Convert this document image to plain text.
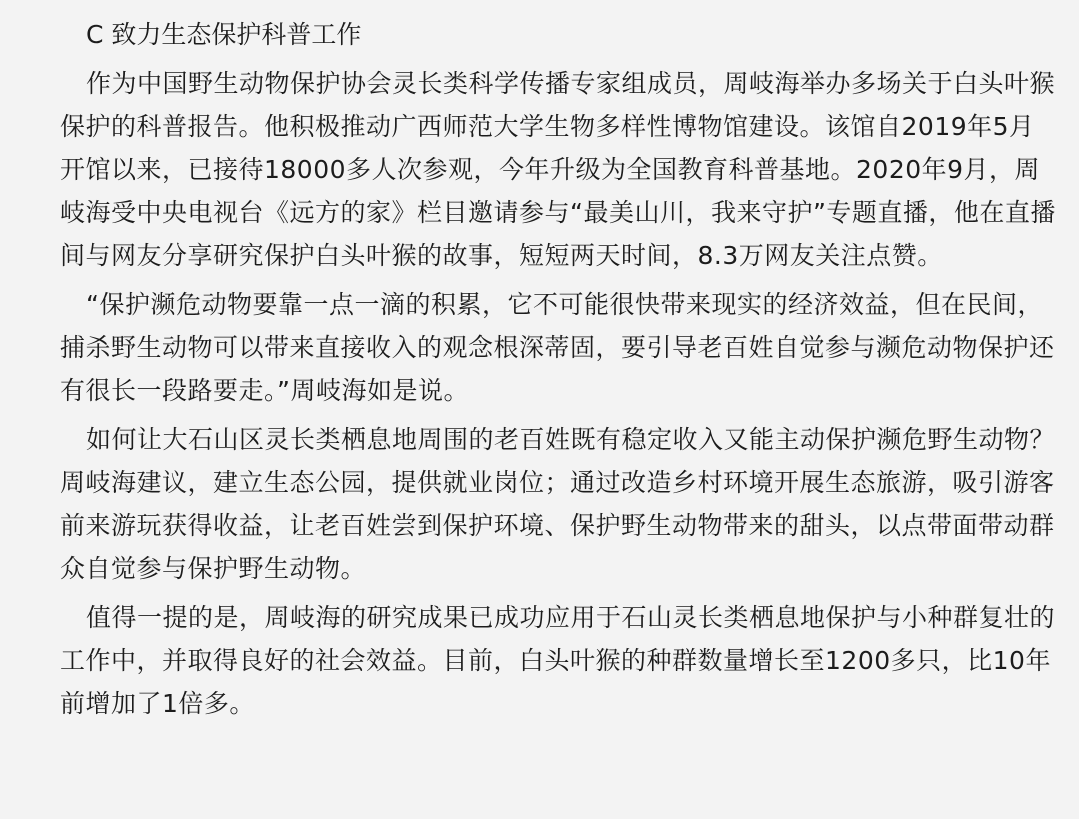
C 致力生态保护科普工作

作为中国野生动物保护协会灵长类科学传播专家组成员，周岐海举办多场关于白头叶猴保护的科普报告。他积极推动广西师范大学生物多样性博物馆建设。该馆自2019年5月开馆以来，已接待18000多人次参观，今年升级为全国教育科普基地。2020年9月，周岐海受中央电视台《远方的家》栏目邀请参与“最美山川，我来守护”专题直播，他在直播间与网友分享研究保护白头叶猴的故事，短短两天时间，8.3万网友关注点赞。

“保护濒危动物要靠一点一滴的积累，它不可能很快带来现实的经济效益，但在民间，捕杀野生动物可以带来直接收入的观念根深蒂固，要引导老百姓自觉参与濒危动物保护还有很长一段路要走。”周岐海如是说。

如何让大石山区灵长类栖息地周围的老百姓既有稳定收入又能主动保护濒危野生动物？周岐海建议，建立生态公园，提供就业岗位；通过改造乡村环境开展生态旅游，吸引游客前来游玩获得收益，让老百姓尝到保护环境、保护野生动物带来的甜头，以点带面带动群众自觉参与保护野生动物。

值得一提的是，周岐海的研究成果已成功应用于石山灵长类栖息地保护与小种群复壮的工作中，并取得良好的社会效益。目前，白头叶猴的种群数量增长至1200多只，比10年前增加了1倍多。
